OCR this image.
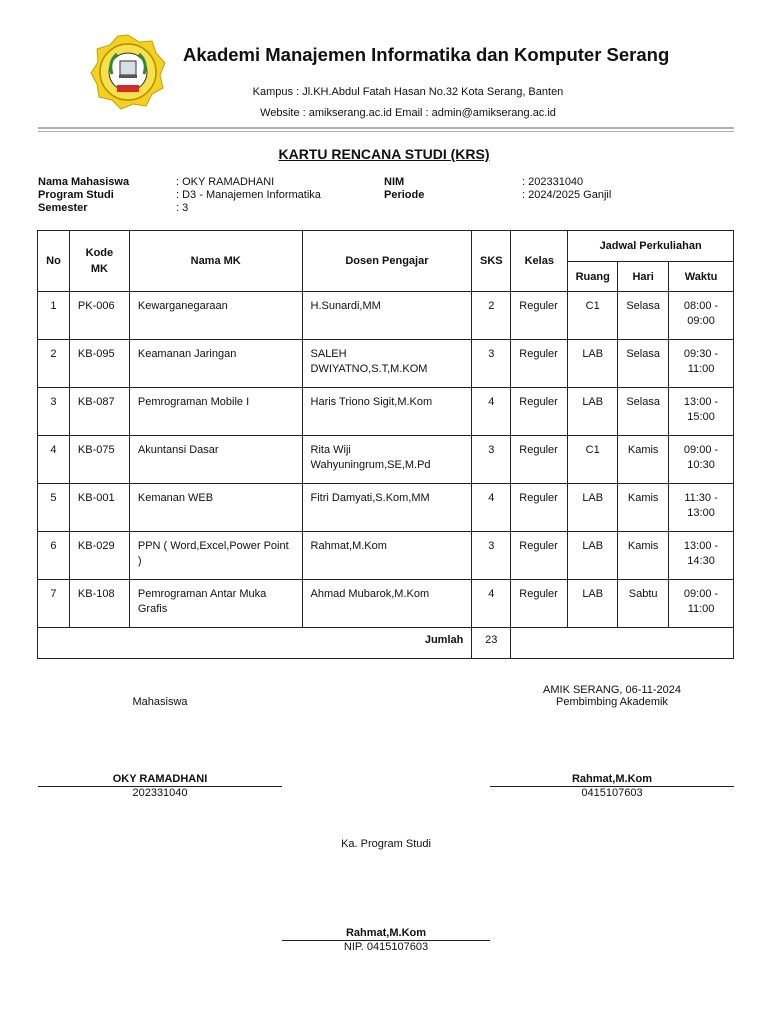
Akademi Manajemen Informatika dan Komputer Serang
Kampus : Jl.KH.Abdul Fatah Hasan No.32 Kota Serang, Banten
Website : amikserang.ac.id Email : admin@amikserang.ac.id
KARTU RENCANA STUDI (KRS)
Nama Mahasiswa	: OKY RAMADHANI
Program Studi	: D3 - Manajemen Informatika
Semester	: 3
NIM	: 202331040
Periode	: 2024/2025 Ganjil
No	Kode MK	Nama MK	Dosen Pengajar	SKS	Kelas	Jadwal Perkuliahan		
						Ruang	Hari	Waktu
1	PK-006	Kewarganegaraan	H.Sunardi,MM	2	Reguler	C1	Selasa	08:00 - 09:00
2	KB-095	Keamanan Jaringan	SALEH DWIYATNO,S.T,M.KOM	3	Reguler	LAB	Selasa	09:30 - 11:00
3	KB-087	Pemrograman Mobile I	Haris Triono Sigit,M.Kom	4	Reguler	LAB	Selasa	13:00 - 15:00
4	KB-075	Akuntansi Dasar	Rita Wiji Wahyuningrum,SE,M.Pd	3	Reguler	C1	Kamis	09:00 - 10:30
5	KB-001	Kemanan WEB	Fitri Damyati,S.Kom,MM	4	Reguler	LAB	Kamis	11:30 - 13:00
6	KB-029	PPN ( Word,Excel,Power Point )	Rahmat,M.Kom	3	Reguler	LAB	Kamis	13:00 - 14:30
7	KB-108	Pemrograman Antar Muka Grafis	Ahmad Mubarok,M.Kom	4	Reguler	LAB	Sabtu	09:00 - 11:00
Jumlah				23				
Mahasiswa
OKY RAMADHANI
202331040
AMIK SERANG, 06-11-2024
Pembimbing Akademik
Rahmat,M.Kom
0415107603
Ka. Program Studi
Rahmat,M.Kom
NIP. 0415107603
